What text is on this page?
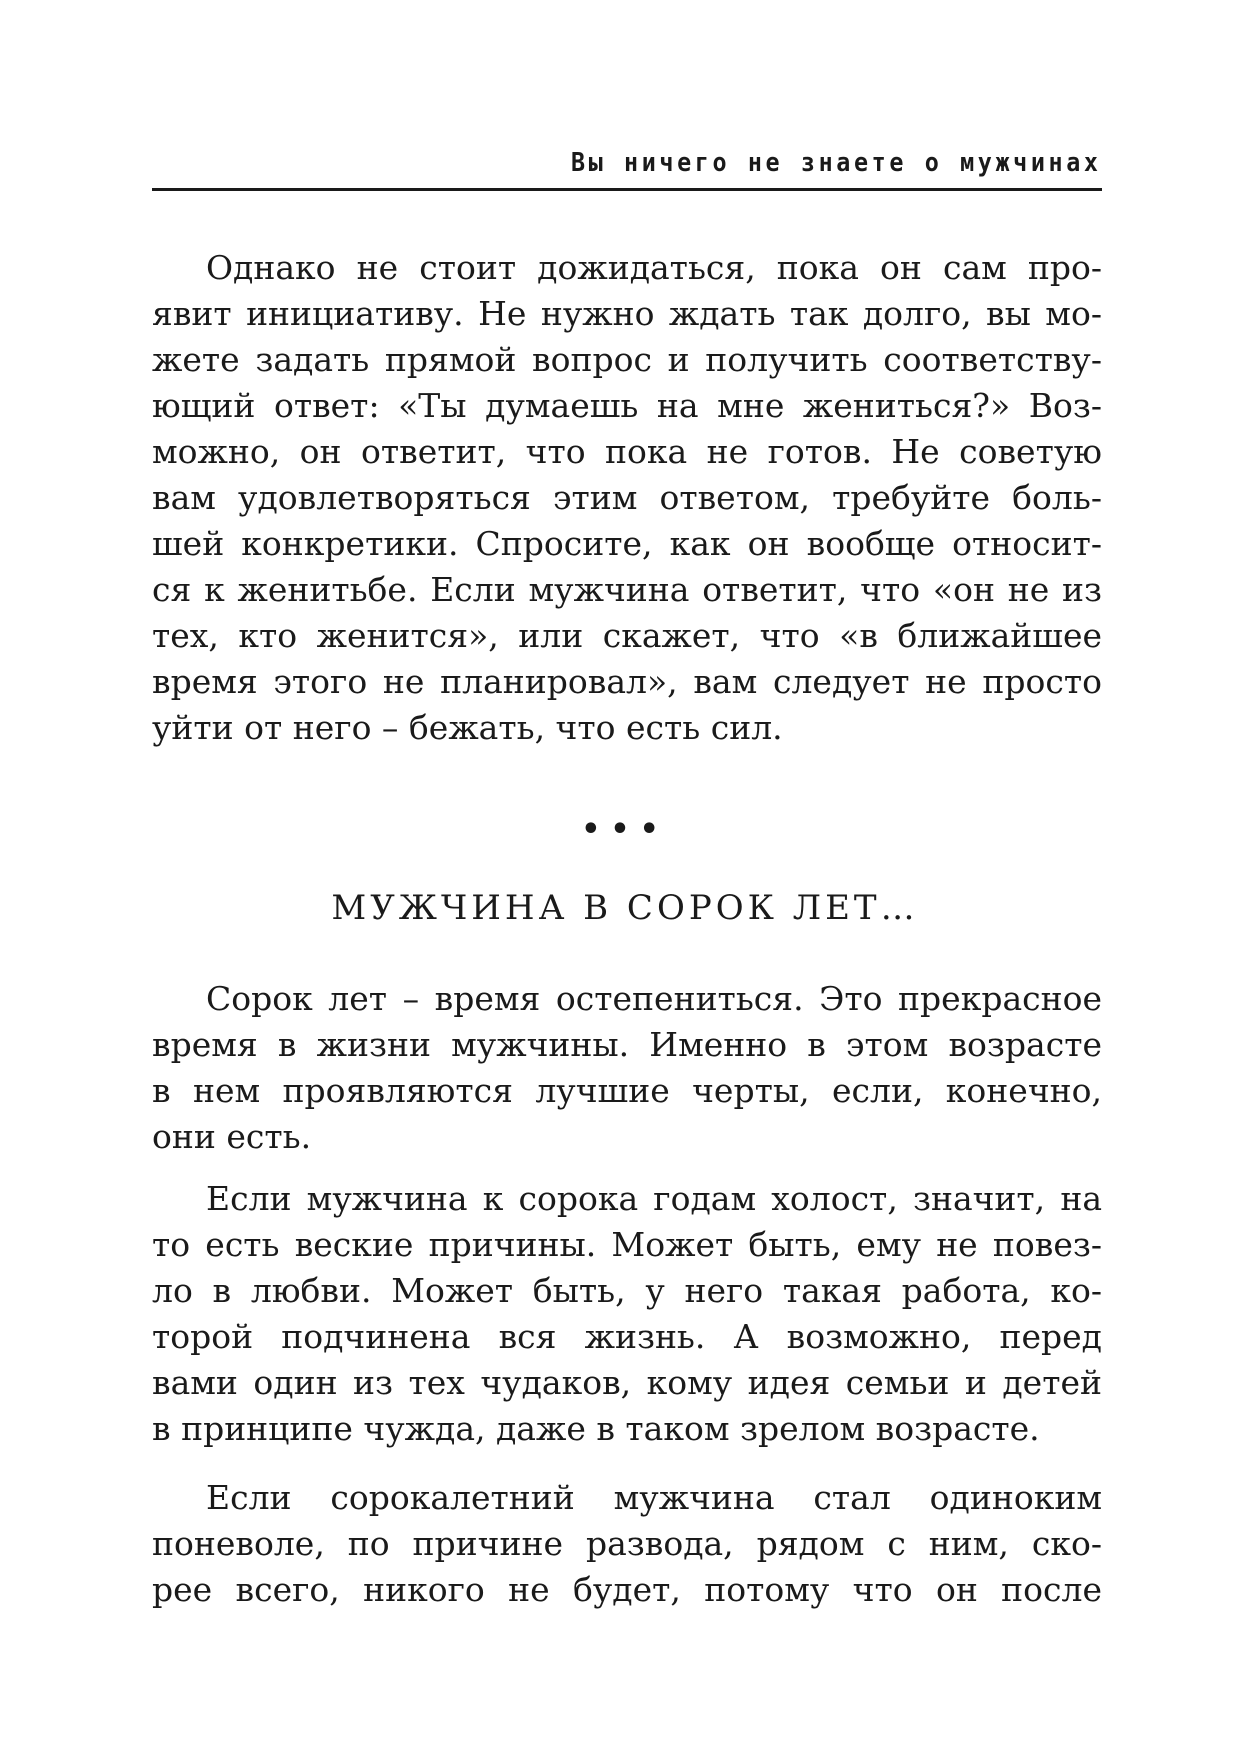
Вы ничего не знаете о мужчинах
Однако не стоит дожидаться, пока он сам про-
явит инициативу. Не нужно ждать так долго, вы мо-
жете задать прямой вопрос и получить соответству-
ющий ответ: «Ты думаешь на мне жениться?» Воз-
можно, он ответит, что пока не готов. Не советую
вам удовлетворяться этим ответом, требуйте боль-
шей конкретики. Спросите, как он вообще относит-
ся к женитьбе. Если мужчина ответит, что «он не из
тех, кто женится», или скажет, что «в ближайшее
время этого не планировал», вам следует не просто
уйти от него – бежать, что есть сил.
•••
МУЖЧИНА В СОРОК ЛЕТ…
Сорок лет – время остепениться. Это прекрасное
время в жизни мужчины. Именно в этом возрасте
в нем проявляются лучшие черты, если, конечно,
они есть.
Если мужчина к сорока годам холост, значит, на
то есть веские причины. Может быть, ему не повез-
ло в любви. Может быть, у него такая работа, ко-
торой подчинена вся жизнь. А возможно, перед
вами один из тех чудаков, кому идея семьи и детей
в принципе чужда, даже в таком зрелом возрасте.
Если сорокалетний мужчина стал одиноким
поневоле, по причине развода, рядом с ним, ско-
рее всего, никого не будет, потому что он после
